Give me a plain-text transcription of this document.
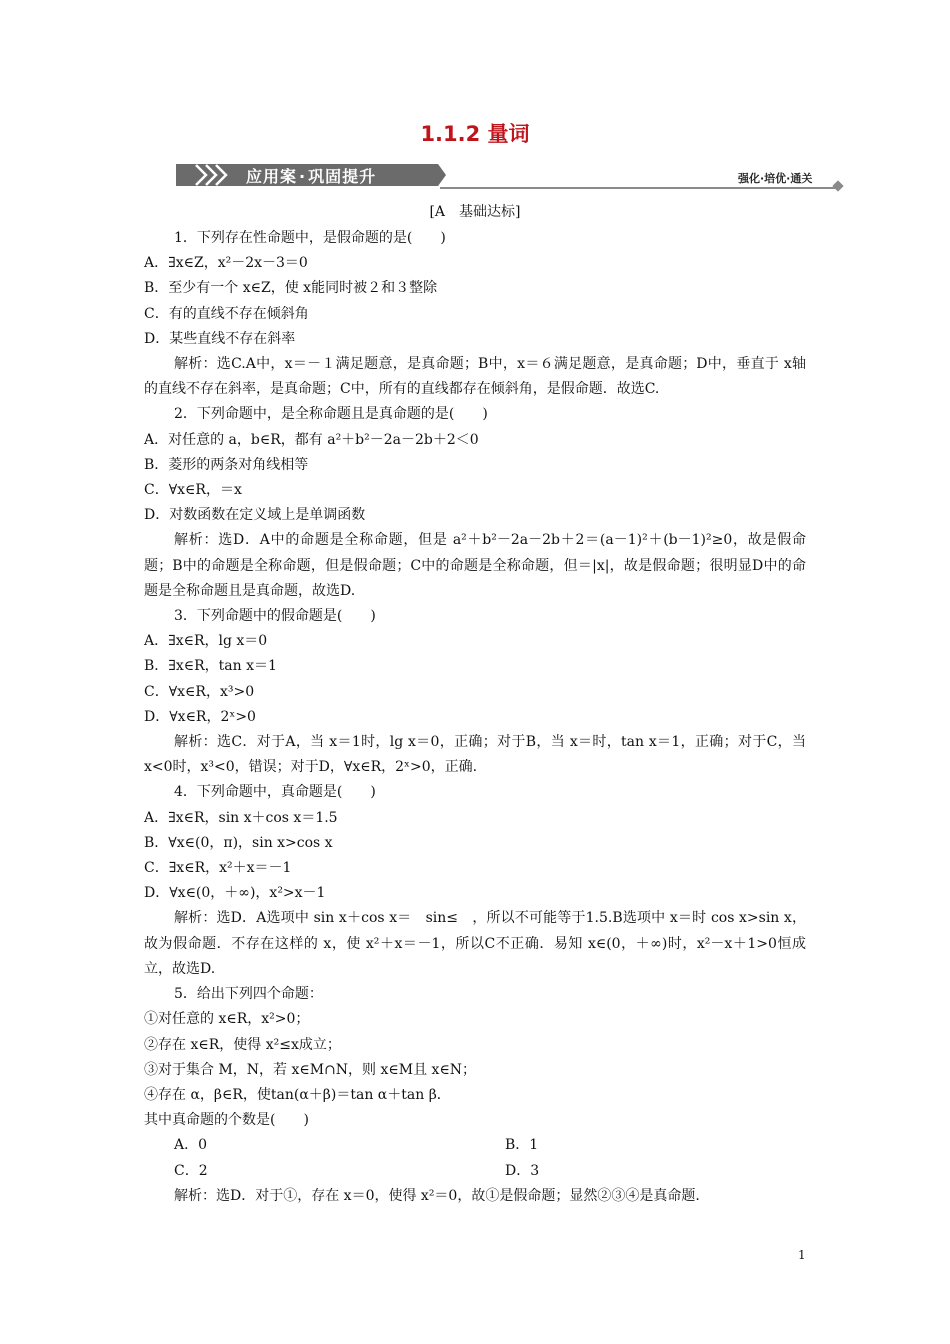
1.1.2 量词
应用案 · 巩固提升	强化·培优·通关
[A　基础达标]
1．下列存在性命题中，是假命题的是(　　)
A．∃x∈Z，x²－2x－3＝0
B．至少有一个 x∈Z，使 x能同时被２和３整除
C．有的直线不存在倾斜角
D．某些直线不存在斜率
解析：选C.A中，x＝－１满足题意，是真命题；B中，x＝６满足题意，是真命题；D中，垂直于 x轴的直线不存在斜率，是真命题；C中，所有的直线都存在倾斜角，是假命题．故选C.
2．下列命题中，是全称命题且是真命题的是(　　)
A．对任意的 a，b∈R，都有 a²＋b²－2a－2b＋2＜0
B．菱形的两条对角线相等
C．∀x∈R，＝x
D．对数函数在定义域上是单调函数
解析：选D．A中的命题是全称命题，但是 a²＋b²－2a－2b＋2＝(a－1)²＋(b－1)²≥0，故是假命题；B中的命题是全称命题，但是假命题；C中的命题是全称命题，但＝|x|，故是假命题；很明显D中的命题是全称命题且是真命题，故选D.
3．下列命题中的假命题是(　　)
A．∃x∈R，lg x＝0
B．∃x∈R，tan x＝1
C．∀x∈R，x³>0
D．∀x∈R，2ˣ>0
解析：选C．对于A，当 x＝1时，lg x＝0，正确；对于B，当 x＝时，tan x＝1，正确；对于C，当 x<0时，x³<0，错误；对于D，∀x∈R，2ˣ>0，正确.
4．下列命题中，真命题是(　　)
A．∃x∈R，sin x＋cos x＝1.5
B．∀x∈(0，π)，sin x>cos x
C．∃x∈R，x²＋x＝－1
D．∀x∈(0，＋∞)，x²>x－1
解析：选D．A选项中 sin x＋cos x＝　sin≤　，所以不可能等于1.5.B选项中 x＝时 cos x>sin x，故为假命题．不存在这样的 x，使 x²＋x＝－1，所以C不正确．易知 x∈(0，＋∞)时，x²－x＋1>0恒成立，故选D.
5．给出下列四个命题：
①对任意的 x∈R，x²>0；
②存在 x∈R，使得 x²≤x成立；
③对于集合 M，N，若 x∈M∩N，则 x∈M且 x∈N；
④存在 α，β∈R，使tan(α＋β)＝tan α＋tan β．
其中真命题的个数是(　　)
A．0	B．1
C．2	D．3
解析：选D．对于①，存在 x＝0，使得 x²＝0，故①是假命题；显然②③④是真命题.
1
